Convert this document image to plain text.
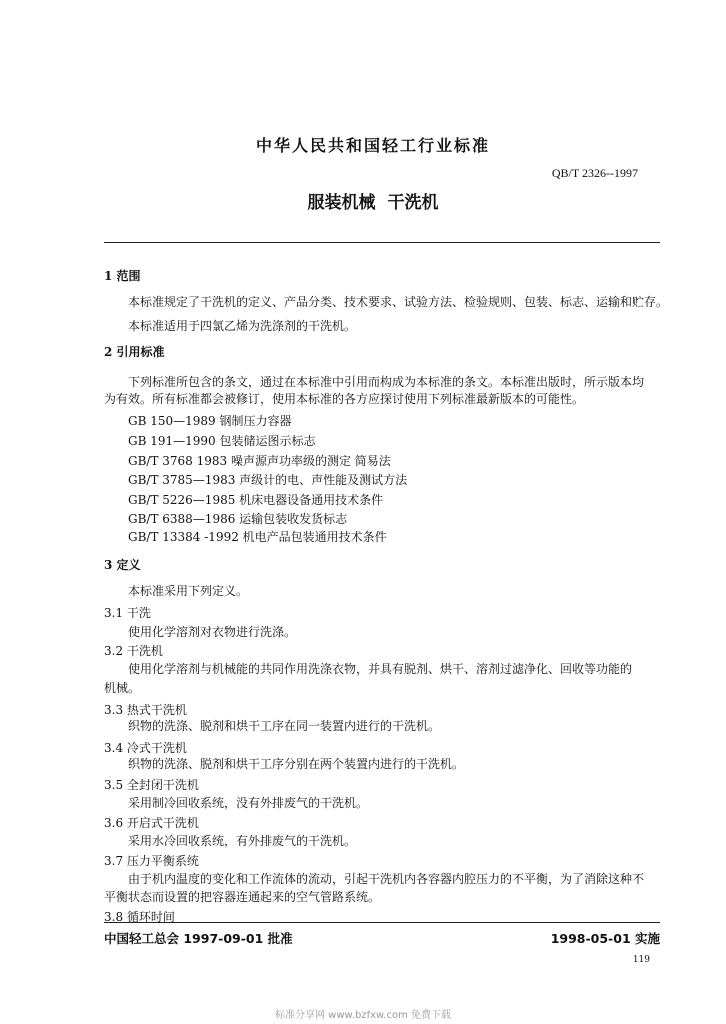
中华人民共和国轻工行业标准
QB/T 2326--1997
服装机械 干洗机
1 范围
本标准规定了干洗机的定义、产品分类、技术要求、试验方法、检验规则、包装、标志、运输和贮存。
本标准适用于四氯乙烯为洗涤剂的干洗机。
2 引用标准
下列标准所包含的条文，通过在本标准中引用而构成为本标准的条文。本标准出版时，所示版本均
为有效。所有标准都会被修订，使用本标准的各方应探讨使用下列标准最新版本的可能性。
GB 150—1989 钢制压力容器
GB 191—1990 包装储运图示标志
GB/T 3768 1983 噪声源声功率级的测定 简易法
GB/T 3785—1983 声级计的电、声性能及测试方法
GB/T 5226—1985 机床电器设备通用技术条件
GB/T 6388—1986 运输包装收发货标志
GB/T 13384 -1992 机电产品包装通用技术条件
3 定义
本标准采用下列定义。
3.1 干洗
使用化学溶剂对衣物进行洗涤。
3.2 干洗机
使用化学溶剂与机械能的共同作用洗涤衣物，并具有脱剂、烘干、溶剂过滤净化、回收等功能的
机械。
3.3 热式干洗机
织物的洗涤、脱剂和烘干工序在同一装置内进行的干洗机。
3.4 冷式干洗机
织物的洗涤、脱剂和烘干工序分别在两个装置内进行的干洗机。
3.5 全封闭干洗机
采用制冷回收系统，没有外排废气的干洗机。
3.6 开启式干洗机
采用水冷回收系统，有外排废气的干洗机。
3.7 压力平衡系统
由于机内温度的变化和工作流体的流动，引起干洗机内各容器内腔压力的不平衡，为了消除这种不
平衡状态而设置的把容器连通起来的空气管路系统。
3.8 循环时间
中国轻工总会 1997-09-01 批准	1998-05-01 实施
119
标准分享网 www.bzfxw.com 免费下载
